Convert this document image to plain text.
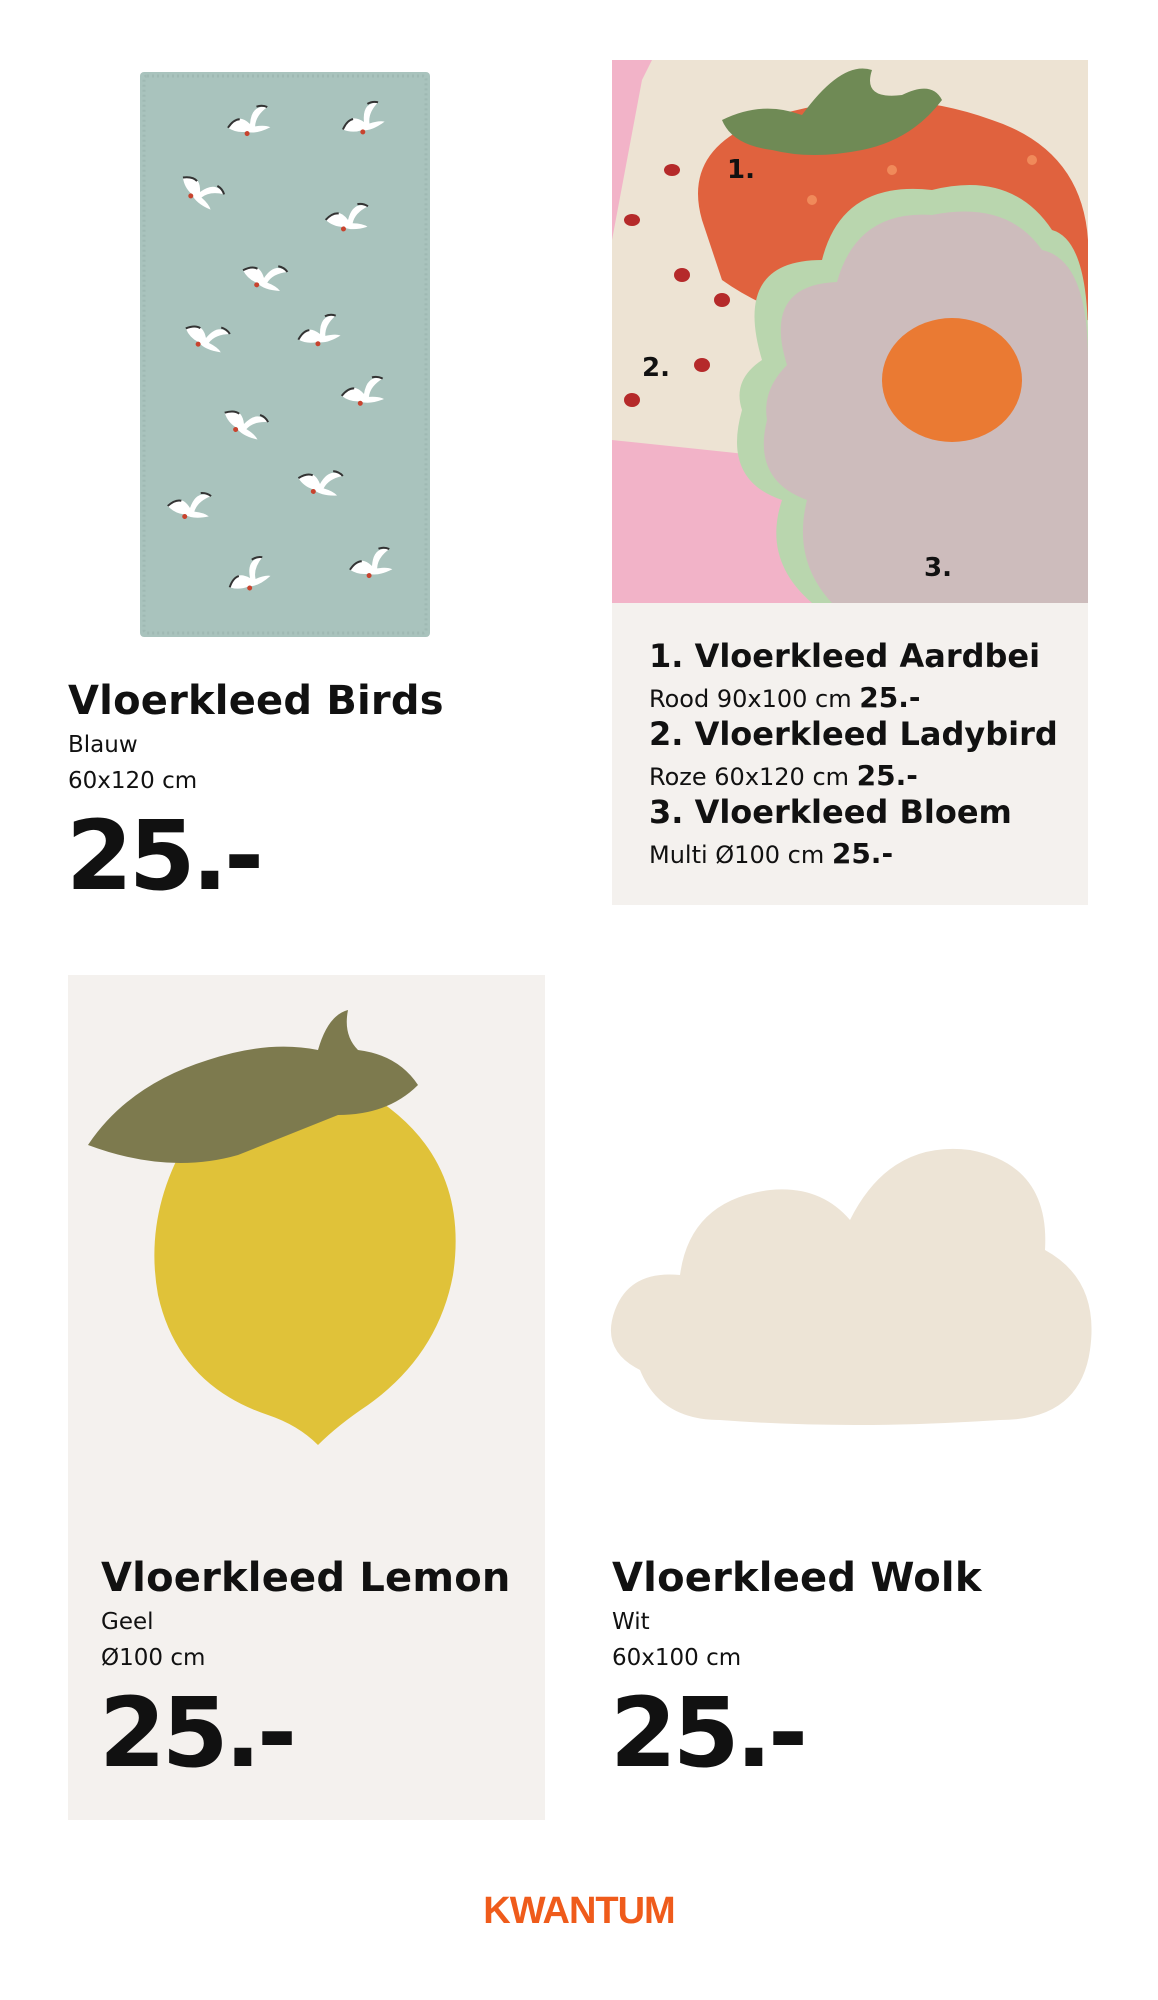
Vloerkleed Birds
Blauw
60x120 cm
25.-
1.
2.
3.
1. Vloerkleed Aardbei
Rood 90x100 cm 25.-
2. Vloerkleed Ladybird
Roze 60x120 cm 25.-
3. Vloerkleed Bloem
Multi Ø100 cm 25.-
Vloerkleed Lemon
Geel
Ø100 cm
25.-
Vloerkleed Wolk
Wit
60x100 cm
25.-
KWANTUM
